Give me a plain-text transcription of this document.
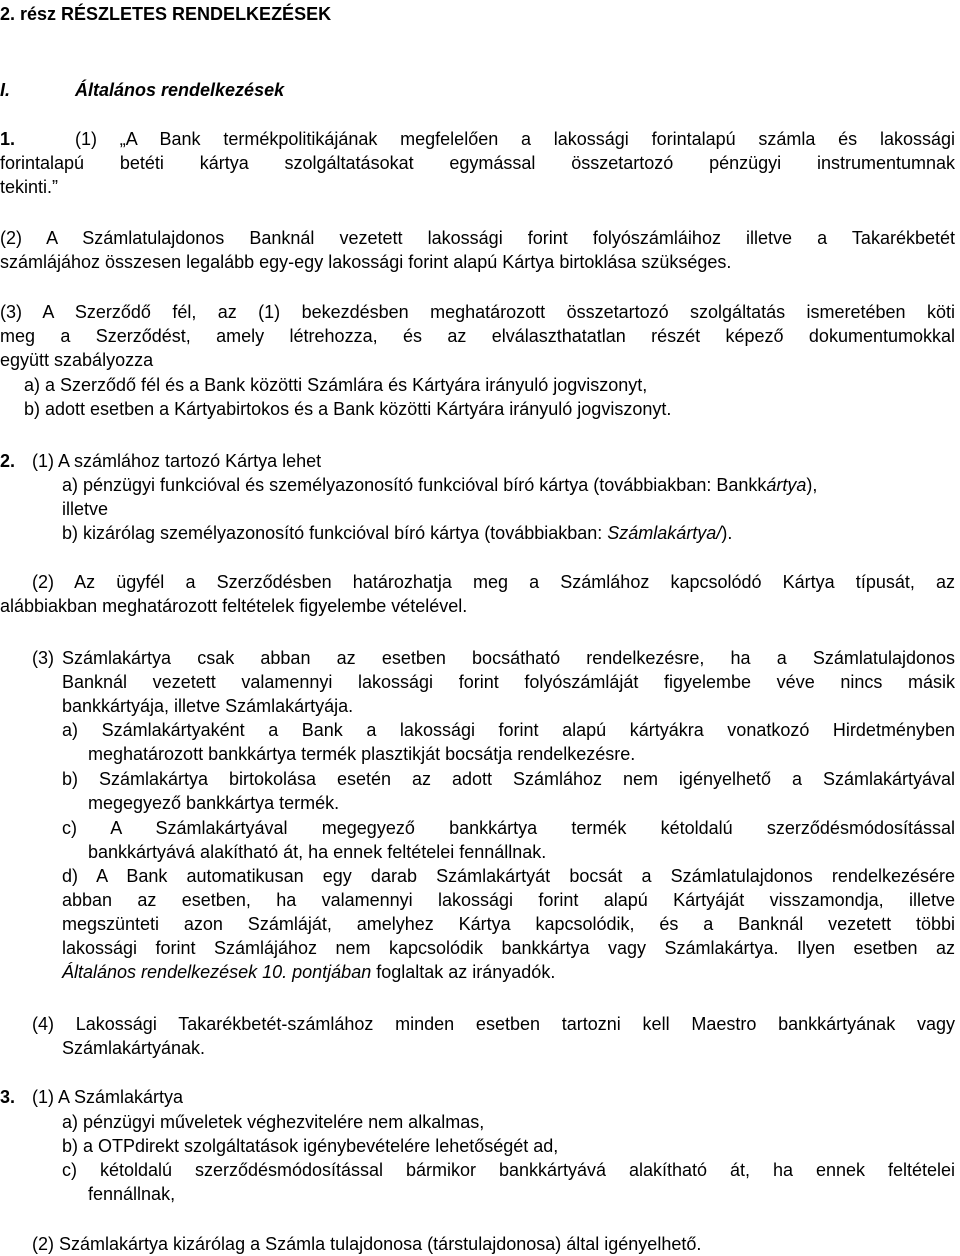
2. rész RÉSZLETES RENDELKEZÉSEK
I.	Általános rendelkezések
1.	(1) „A Bank termékpolitikájának megfelelően a lakossági forintalapú számla és lakossági
forintalapú betéti kártya szolgáltatásokat egymással összetartozó pénzügyi instrumentumnak
tekinti.”
(2) A Számlatulajdonos Banknál vezetett lakossági forint folyószámláihoz illetve a Takarékbetét
számlájához összesen legalább egy-egy lakossági forint alapú Kártya birtoklása szükséges.
(3) A Szerződő fél, az (1) bekezdésben meghatározott összetartozó szolgáltatás ismeretében köti
meg a Szerződést, amely létrehozza, és az elválaszthatatlan részét képező dokumentumokkal
együtt szabályozza
a) a Szerződő fél és a Bank közötti Számlára és Kártyára irányuló jogviszonyt,
b) adott esetben a Kártyabirtokos és a Bank közötti Kártyára irányuló jogviszonyt.
2. (1) A számlához tartozó Kártya lehet
a) pénzügyi funkcióval és személyazonosító funkcióval bíró kártya (továbbiakban: Bankkártya),
illetve
b) kizárólag személyazonosító funkcióval bíró kártya (továbbiakban: Számlakártya/).
(2) Az ügyfél a Szerződésben határozhatja meg a Számlához kapcsolódó Kártya típusát, az
alábbiakban meghatározott feltételek figyelembe vételével.
(3) Számlakártya csak abban az esetben bocsátható rendelkezésre, ha a Számlatulajdonos
Banknál vezetett valamennyi lakossági forint folyószámláját figyelembe véve nincs másik
bankkártyája, illetve Számlakártyája.
a) Számlakártyaként a Bank a lakossági forint alapú kártyákra vonatkozó Hirdetményben
meghatározott bankkártya termék plasztikját bocsátja rendelkezésre.
b) Számlakártya birtokolása esetén az adott Számlához nem igényelhető a Számlakártyával
megegyező bankkártya termék.
c) A Számlakártyával megegyező bankkártya termék kétoldalú szerződésmódosítással
bankkártyává alakítható át, ha ennek feltételei fennállnak.
d) A Bank automatikusan egy darab Számlakártyát bocsát a Számlatulajdonos rendelkezésére
abban az esetben, ha valamennyi lakossági forint alapú Kártyáját visszamondja, illetve
megszünteti azon Számláját, amelyhez Kártya kapcsolódik, és a Banknál vezetett többi
lakossági forint Számlájához nem kapcsolódik bankkártya vagy Számlakártya. Ilyen esetben az
Általános rendelkezések 10. pontjában foglaltak az irányadók.
(4) Lakossági Takarékbetét-számlához minden esetben tartozni kell Maestro bankkártyának vagy
Számlakártyának.
3. (1) A Számlakártya
a) pénzügyi műveletek véghezvitelére nem alkalmas,
b) a OTPdirekt szolgáltatások igénybevételére lehetőségét ad,
c) kétoldalú szerződésmódosítással bármikor bankkártyává alakítható át, ha ennek feltételei
fennállnak,
(2) Számlakártya kizárólag a Számla tulajdonosa (társtulajdonosa) által igényelhető.
